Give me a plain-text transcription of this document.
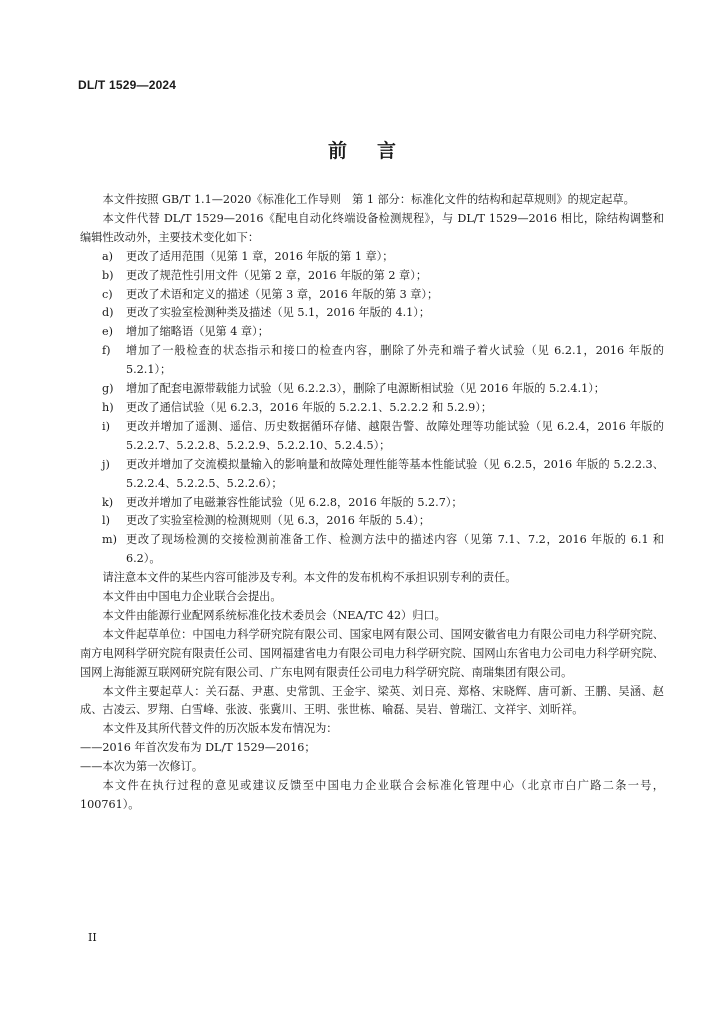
DL/T 1529—2024
前言

本文件按照 GB/T 1.1—2020《标准化工作导则　第 1 部分：标准化文件的结构和起草规则》的规定起草。

本文件代替 DL/T 1529—2016《配电自动化终端设备检测规程》，与 DL/T 1529—2016 相比，除结构调整和编辑性改动外，主要技术变化如下：

a)	更改了适用范围（见第 1 章，2016 年版的第 1 章）；
b)	更改了规范性引用文件（见第 2 章，2016 年版的第 2 章）；
c)	更改了术语和定义的描述（见第 3 章，2016 年版的第 3 章）；
d)	更改了实验室检测种类及描述（见 5.1，2016 年版的 4.1）；
e)	增加了缩略语（见第 4 章）；
f)	增加了一般检查的状态指示和接口的检查内容，删除了外壳和端子着火试验（见 6.2.1，2016 年版的 5.2.1）；
g)	增加了配套电源带载能力试验（见 6.2.2.3），删除了电源断相试验（见 2016 年版的 5.2.4.1）；
h)	更改了通信试验（见 6.2.3，2016 年版的 5.2.2.1、5.2.2.2 和 5.2.9）；
i)	更改并增加了遥测、遥信、历史数据循环存储、越限告警、故障处理等功能试验（见 6.2.4，2016 年版的 5.2.2.7、5.2.2.8、5.2.2.9、5.2.2.10、5.2.4.5）；
j)	更改并增加了交流模拟量输入的影响量和故障处理性能等基本性能试验（见 6.2.5，2016 年版的 5.2.2.3、5.2.2.4、5.2.2.5、5.2.2.6）；
k)	更改并增加了电磁兼容性能试验（见 6.2.8，2016 年版的 5.2.7）；
l)	更改了实验室检测的检测规则（见 6.3，2016 年版的 5.4）；
m) 更改了现场检测的交接检测前准备工作、检测方法中的描述内容（见第 7.1、7.2，2016 年版的 6.1 和 6.2）。

请注意本文件的某些内容可能涉及专利。本文件的发布机构不承担识别专利的责任。

本文件由中国电力企业联合会提出。

本文件由能源行业配网系统标准化技术委员会（NEA/TC 42）归口。

本文件起草单位：中国电力科学研究院有限公司、国家电网有限公司、国网安徽省电力有限公司电力科学研究院、南方电网科学研究院有限责任公司、国网福建省电力有限公司电力科学研究院、国网山东省电力公司电力科学研究院、国网上海能源互联网研究院有限公司、广东电网有限责任公司电力科学研究院、南瑞集团有限公司。

本文件主要起草人：关石磊、尹惠、史常凯、王金宇、梁英、刘日亮、郑格、宋晓辉、唐可新、王鹏、吴涵、赵成、古凌云、罗翔、白雪峰、张波、张冀川、王明、张世栋、喻磊、吴岩、曾瑞江、文祥宇、刘昕祥。

本文件及其所代替文件的历次版本发布情况为：

——2016 年首次发布为 DL/T 1529—2016；

——本次为第一次修订。

本文件在执行过程的意见或建议反馈至中国电力企业联合会标准化管理中心（北京市白广路二条一号，100761）。

II
